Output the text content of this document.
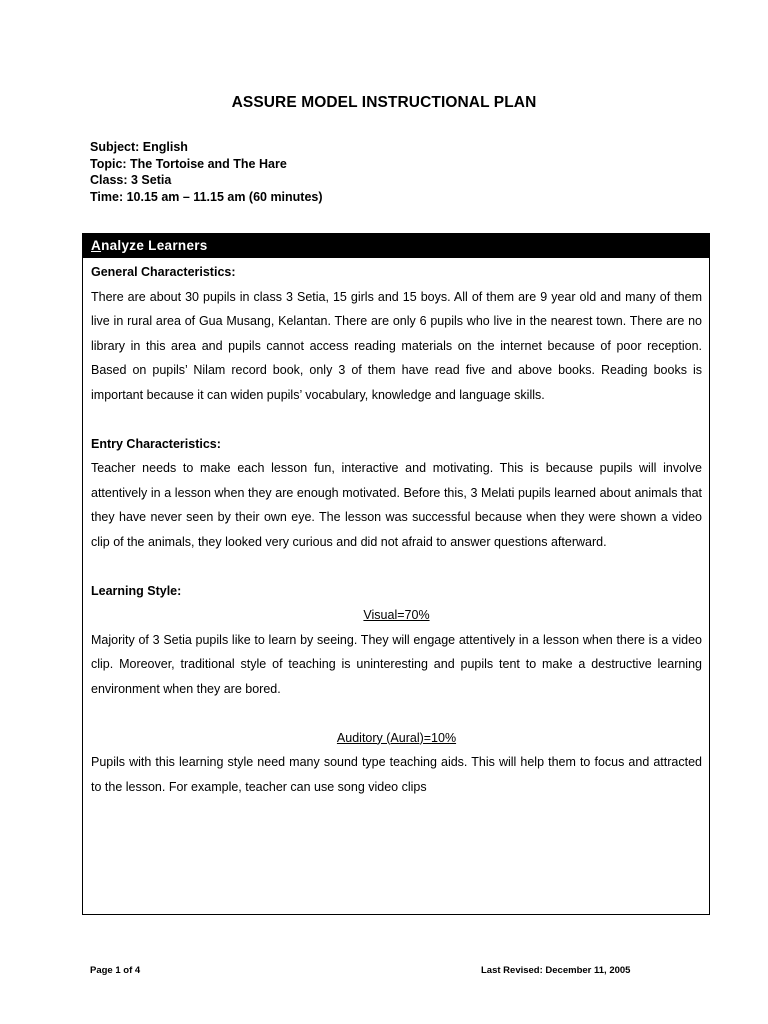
ASSURE MODEL INSTRUCTIONAL PLAN
Subject: English
Topic: The Tortoise and The Hare
Class: 3 Setia
Time: 10.15 am – 11.15 am (60 minutes)
Analyze Learners
General Characteristics:
There are about 30 pupils in class 3 Setia, 15 girls and 15 boys. All of them are 9 year old and many of them live in rural area of Gua Musang, Kelantan. There are only 6 pupils who live in the nearest town. There are no library in this area and pupils cannot access reading materials on the internet because of poor reception. Based on pupils’ Nilam record book, only 3 of them have read five and above books. Reading books is important because it can widen pupils’ vocabulary, knowledge and language skills.
Entry Characteristics:
Teacher needs to make each lesson fun, interactive and motivating. This is because pupils will involve attentively in a lesson when they are enough motivated. Before this, 3 Melati pupils learned about animals that they have never seen by their own eye. The lesson was successful because when they were shown a video clip of the animals, they looked very curious and did not afraid to answer questions afterward.
Learning Style:
Visual=70%
Majority of 3 Setia pupils like to learn by seeing. They will engage attentively in a lesson when there is a video clip. Moreover, traditional style of teaching is uninteresting and pupils tent to make a destructive learning environment when they are bored.
Auditory (Aural)=10%
Pupils with this learning style need many sound type teaching aids. This will help them to focus and attracted to the lesson. For example, teacher can use song video clips
Page 1 of 4	Last Revised: December 11, 2005
